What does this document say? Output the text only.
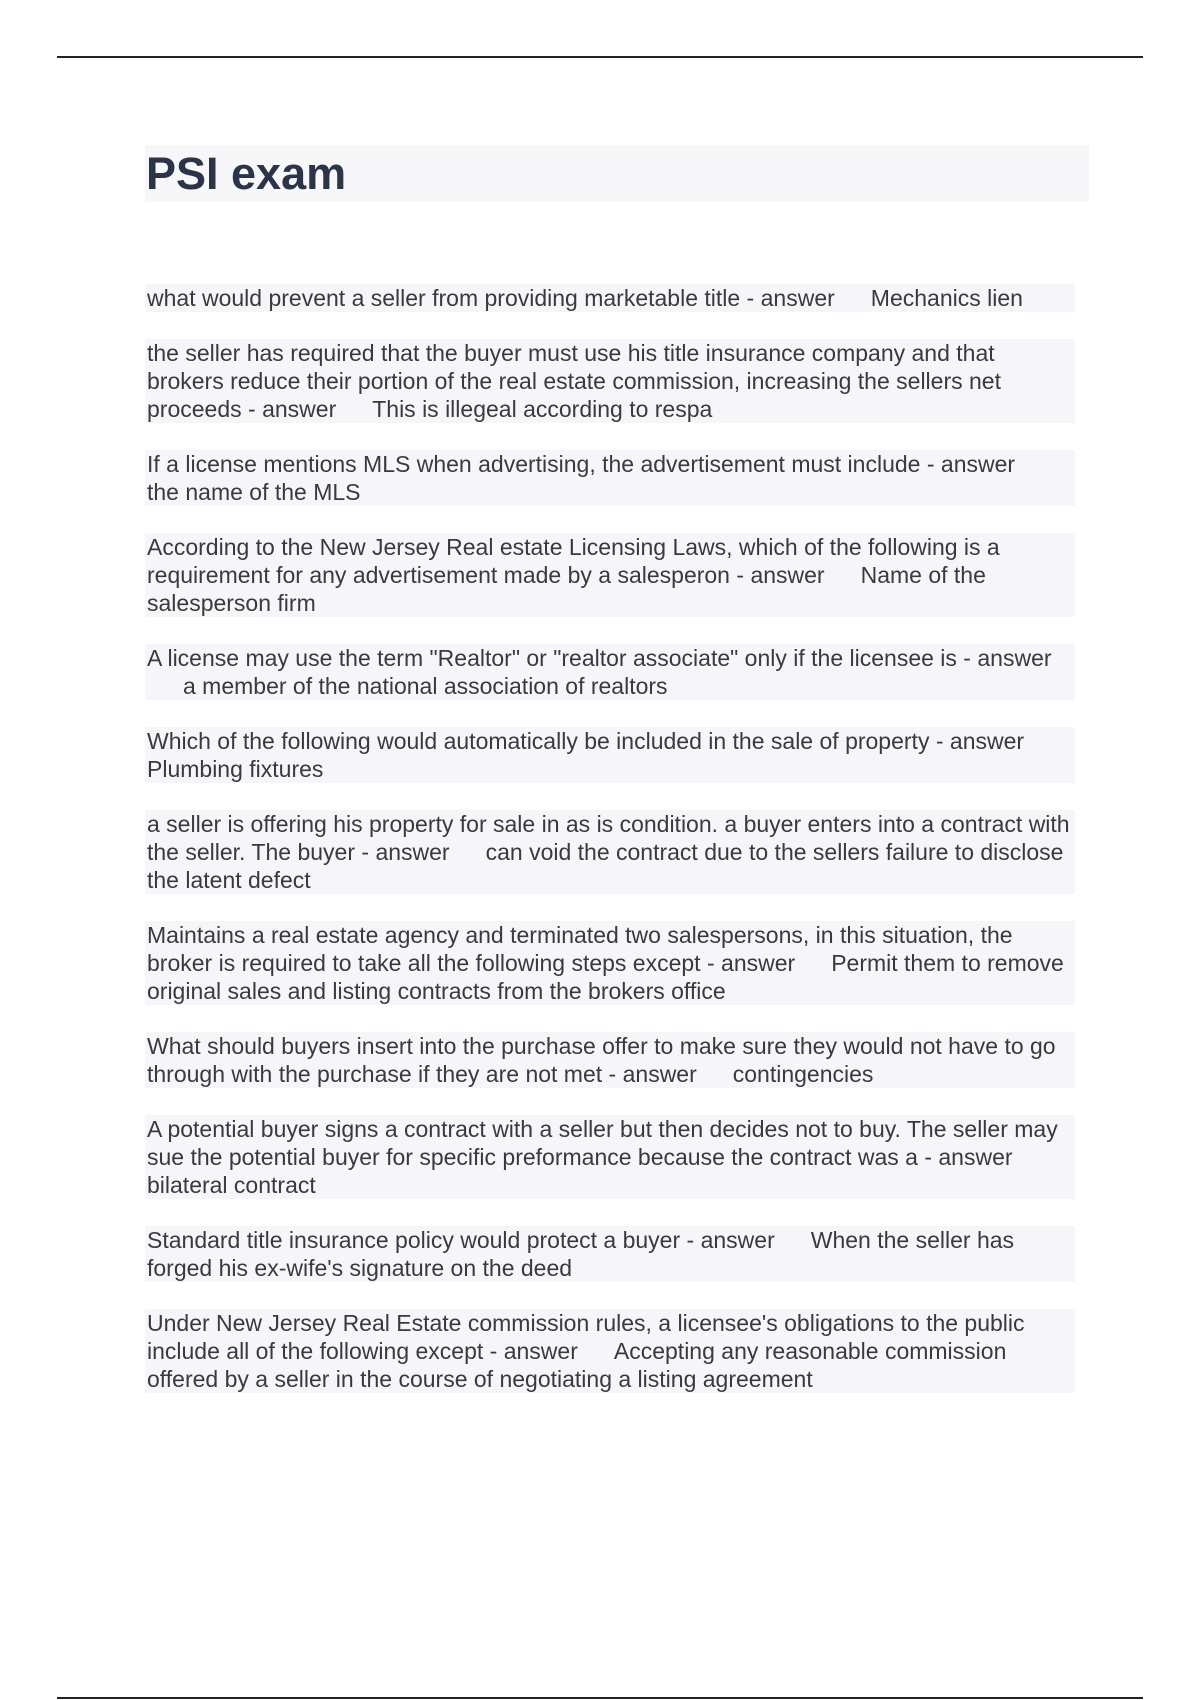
PSI exam

what would prevent a seller from providing marketable title - answer Mechanics lien

the seller has required that the buyer must use his title insurance company and that brokers reduce their portion of the real estate commission, increasing the sellers net proceeds - answer This is illegeal according to respa

If a license mentions MLS when advertising, the advertisement must include - answerthe name of the MLS

According to the New Jersey Real estate Licensing Laws, which of the following is a requirement for any advertisement made by a salesperon - answer Name of the salesperson firm

A license may use the term "Realtor" or "realtor associate" only if the licensee is - answera member of the national association of realtors

Which of the following would automatically be included in the sale of property - answerPlumbing fixtures

a seller is offering his property for sale in as is condition. a buyer enters into a contract with the seller. The buyer - answer can void the contract due to the sellers failure to disclose the latent defect

Maintains a real estate agency and terminated two salespersons, in this situation, the broker is required to take all the following steps except - answer Permit them to remove original sales and listing contracts from the brokers office

What should buyers insert into the purchase offer to make sure they would not have to go through with the purchase if they are not met - answer contingencies

A potential buyer signs a contract with a seller but then decides not to buy. The seller may sue the potential buyer for specific preformance because the contract was a - answerbilateral contract

Standard title insurance policy would protect a buyer - answer When the seller has forged his ex-wife's signature on the deed

Under New Jersey Real Estate commission rules, a licensee's obligations to the public include all of the following except - answer Accepting any reasonable commission offered by a seller in the course of negotiating a listing agreement
